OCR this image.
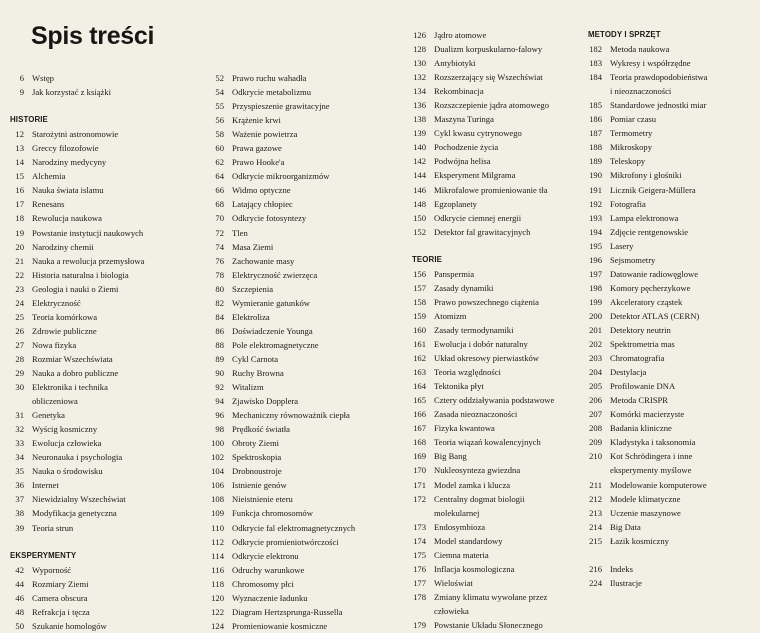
Spis treści
6 Wstęp
9 Jak korzystać z książki
HISTORIE
12 Starożytni astronomowie
13 Greccy filozofowie
14 Narodziny medycyny
15 Alchemia
16 Nauka świata islamu
17 Renesans
18 Rewolucja naukowa
19 Powstanie instytucji naukowych
20 Narodziny chemii
21 Nauka a rewolucja przemysłowa
22 Historia naturalna i biologia
23 Geologia i nauki o Ziemi
24 Elektryczność
25 Teoria komórkowa
26 Zdrowie publiczne
27 Nowa fizyka
28 Rozmiar Wszechświata
29 Nauka a dobro publiczne
30 Elektronika i technika
obliczeniowa
31 Genetyka
32 Wyścig kosmiczny
33 Ewolucja człowieka
34 Neuronauka i psychologia
35 Nauka o środowisku
36 Internet
37 Niewidzialny Wszechświat
38 Modyfikacja genetyczna
39 Teoria strun
EKSPERYMENTY
42 Wyporność
44 Rozmiary Ziemi
46 Camera obscura
48 Refrakcja i tęcza
50 Szukanie homologów
52 Prawo ruchu wahadła
54 Odkrycie metabolizmu
55 Przyspieszenie grawitacyjne
56 Krążenie krwi
58 Ważenie powietrza
60 Prawa gazowe
62 Prawo Hooke'a
64 Odkrycie mikroorganizmów
66 Widmo optyczne
68 Latający chłopiec
70 Odkrycie fotosyntezy
72 Tlen
74 Masa Ziemi
76 Zachowanie masy
78 Elektryczność zwierzęca
80 Szczepienia
82 Wymieranie gatunków
84 Elektroliza
86 Doświadczenie Younga
88 Pole elektromagnetyczne
89 Cykl Carnota
90 Ruchy Browna
92 Witalizm
94 Zjawisko Dopplera
96 Mechaniczny równoważnik ciepła
98 Prędkość światła
100 Obroty Ziemi
102 Spektroskopia
104 Drobnoustroje
106 Istnienie genów
108 Nieistnienie eteru
109 Funkcja chromosomów
110 Odkrycie fal elektromagnetycznych
112 Odkrycie promieniotwórczości
114 Odkrycie elektronu
116 Odruchy warunkowe
118 Chromosomy płci
120 Wyznaczenie ładunku
122 Diagram Hertzsprunga-Russella
124 Promieniowanie kosmiczne
126 Jądro atomowe
128 Dualizm korpuskularno-falowy
130 Antybiotyki
132 Rozszerzający się Wszechświat
134 Rekombinacja
136 Rozszczepienie jądra atomowego
138 Maszyna Turinga
139 Cykl kwasu cytrynowego
140 Pochodzenie życia
142 Podwójna helisa
144 Eksperyment Milgrama
146 Mikrofalowe promieniowanie tła
148 Egzoplanety
150 Odkrycie ciemnej energii
152 Detektor fal grawitacyjnych
TEORIE
156 Panspermia
157 Zasady dynamiki
158 Prawo powszechnego ciążenia
159 Atomizm
160 Zasady termodynamiki
161 Ewolucja i dobór naturalny
162 Układ okresowy pierwiastków
163 Teoria względności
164 Tektonika płyt
165 Cztery oddziaływania podstawowe
166 Zasada nieoznaczoności
167 Fizyka kwantowa
168 Teoria wiązań kowalencyjnych
169 Big Bang
170 Nukleosynteza gwiezdna
171 Model zamka i klucza
172 Centralny dogmat biologii
molekularnej
173 Endosymbioza
174 Model standardowy
175 Ciemna materia
176 Inflacja kosmologiczna
177 Wieloświat
178 Zmiany klimatu wywołane przez
człowieka
179 Powstanie Układu Słonecznego
METODY I SPRZĘT
182 Metoda naukowa
183 Wykresy i współrzędne
184 Teoria prawdopodobieństwa
i nieoznaczoności
185 Standardowe jednostki miar
186 Pomiar czasu
187 Termometry
188 Mikroskopy
189 Teleskopy
190 Mikrofony i głośniki
191 Licznik Geigera-Müllera
192 Fotografia
193 Lampa elektronowa
194 Zdjęcie rentgenowskie
195 Lasery
196 Sejsmometry
197 Datowanie radiowęglowe
198 Komory pęcherzykowe
199 Akceleratory cząstek
200 Detektor ATLAS (CERN)
201 Detektory neutrin
202 Spektrometria mas
203 Chromatografia
204 Destylacja
205 Profilowanie DNA
206 Metoda CRISPR
207 Komórki macierzyste
208 Badania kliniczne
209 Kladystyka i taksonomia
210 Kot Schrödingera i inne
eksperymenty myślowe
211 Modelowanie komputerowe
212 Modele klimatyczne
213 Uczenie maszynowe
214 Big Data
215 Łazik kosmiczny
216 Indeks
224 Ilustracje
